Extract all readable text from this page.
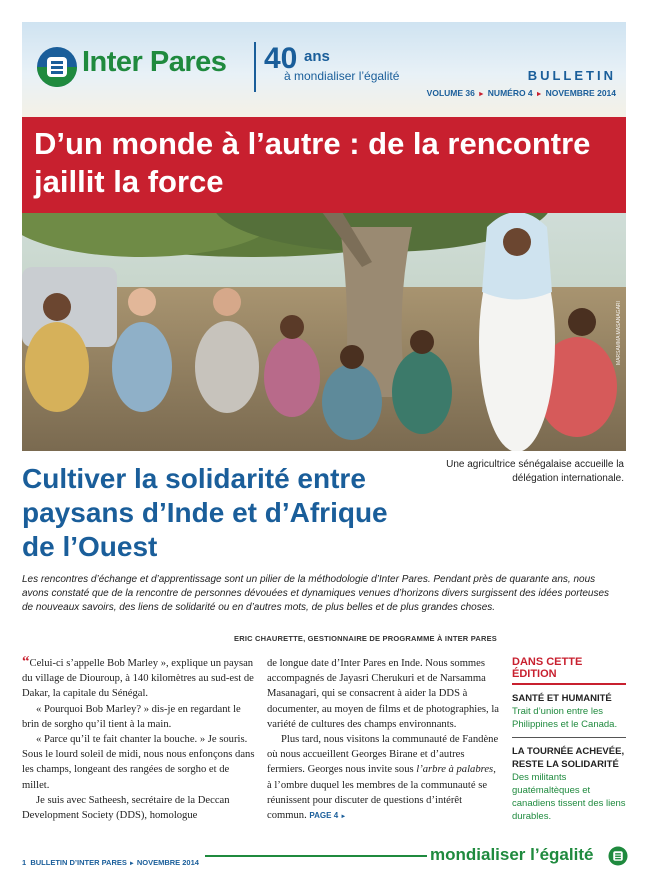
Inter Pares 40 ans
à mondialiser l’égalité	BULLETIN
VOLUME 36 ► NUMÉRO 4 ► NOVEMBRE 2014
D’un monde à l’autre : de la rencontre jaillit la force
MARSAMMA MASANAGARI
Une agricultrice sénégalaise accueille la délégation internationale.
Cultiver la solidarité entre paysans d’Inde et d’Afrique de l’Ouest
Les rencontres d’échange et d’apprentissage sont un pilier de la méthodologie d’Inter Pares. Pendant près de quarante ans, nous avons constaté que de la rencontre de personnes dévouées et dynamiques venues d’horizons divers surgissent des idées porteuses de nouveaux savoirs, des liens de solidarité ou en d’autres mots, de plus belles et de plus grandes choses.
ERIC CHAURETTE, GESTIONNAIRE DE PROGRAMME À INTER PARES

“Celui-ci s’appelle Bob Marley », explique un paysan du village de Diouroup, à 140 kilomètres au sud-est de Dakar, la capitale du Sénégal.

« Pourquoi Bob Marley? » dis-je en regardant le brin de sorgho qu’il tient à la main.

« Parce qu’il te fait chanter la bouche. » Je souris. Sous le lourd soleil de midi, nous nous enfonçons dans les champs, longeant des rangées de sorgho et de millet.

Je suis avec Satheesh, secrétaire de la Deccan Development Society (DDS), homologue

de longue date d’Inter Pares en Inde. Nous sommes accompagnés de Jayasri Cherukuri et de Narsamma Masanagari, qui se consacrent à aider la DDS à documenter, au moyen de films et de photographies, la variété de cultures des champs environnants.

Plus tard, nous visitons la communauté de Fandène où nous accueillent Georges Birane et d’autres fermiers. Georges nous invite sous l’arbre à palabres, à l’ombre duquel les membres de la communauté se réunissent pour discuter de questions d’intérêt commun. PAGE 4 ►

DANS CETTE ÉDITION
SANTÉ ET HUMANITÉ
Trait d’union entre les Philippines et le Canada.
LA TOURNÉE ACHEVÉE, RESTE LA SOLIDARITÉ
Des militants guatémaltèques et canadiens tissent des liens durables.
1 BULLETIN D’INTER PARES ► NOVEMBRE 2014	mondialiser l’égalité
